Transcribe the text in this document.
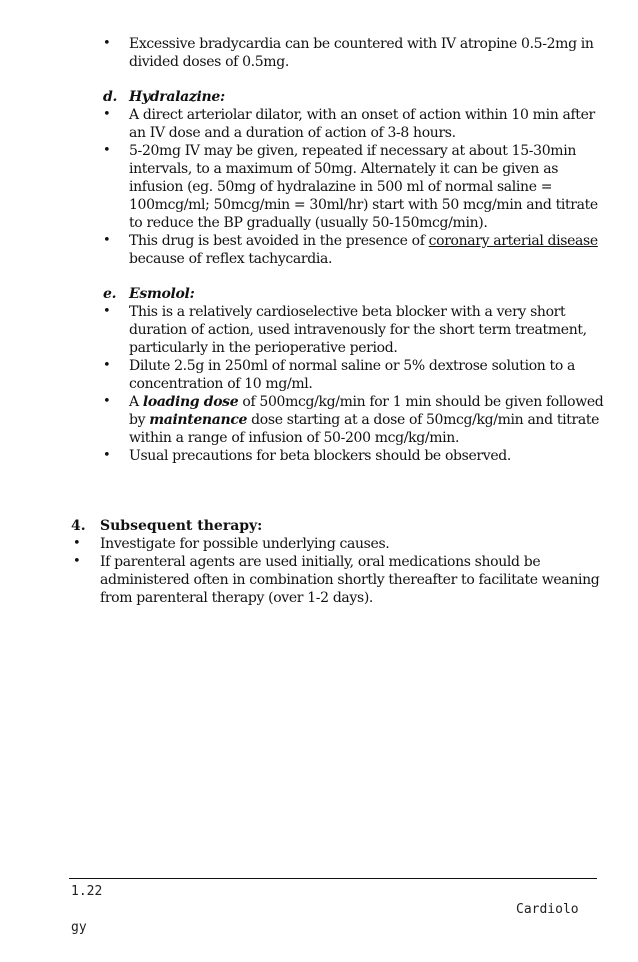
• Excessive bradycardia can be countered with IV atropine 0.5-2mg in
divided doses of 0.5mg.
d. Hydralazine:
• A direct arteriolar dilator, with an onset of action within 10 min after
an IV dose and a duration of action of 3-8 hours.
• 5-20mg IV may be given, repeated if necessary at about 15-30min
intervals, to a maximum of 50mg. Alternately it can be given as
infusion (eg. 50mg of hydralazine in 500 ml of normal saline =
100mcg/ml; 50mcg/min = 30ml/hr) start with 50 mcg/min and titrate
to reduce the BP gradually (usually 50-150mcg/min).
• This drug is best avoided in the presence of coronary arterial disease
because of reflex tachycardia.
e. Esmolol:
• This is a relatively cardioselective beta blocker with a very short
duration of action, used intravenously for the short term treatment,
particularly in the perioperative period.
• Dilute 2.5g in 250ml of normal saline or 5% dextrose solution to a
concentration of 10 mg/ml.
• A loading dose of 500mcg/kg/min for 1 min should be given followed
by maintenance dose starting at a dose of 50mcg/kg/min and titrate
within a range of infusion of 50-200 mcg/kg/min.
• Usual precautions for beta blockers should be observed.
4. Subsequent therapy:
• Investigate for possible underlying causes.
• If parenteral agents are used initially, oral medications should be
administered often in combination shortly thereafter to facilitate weaning
from parenteral therapy (over 1-2 days).
1.22
Cardiolo
gy
